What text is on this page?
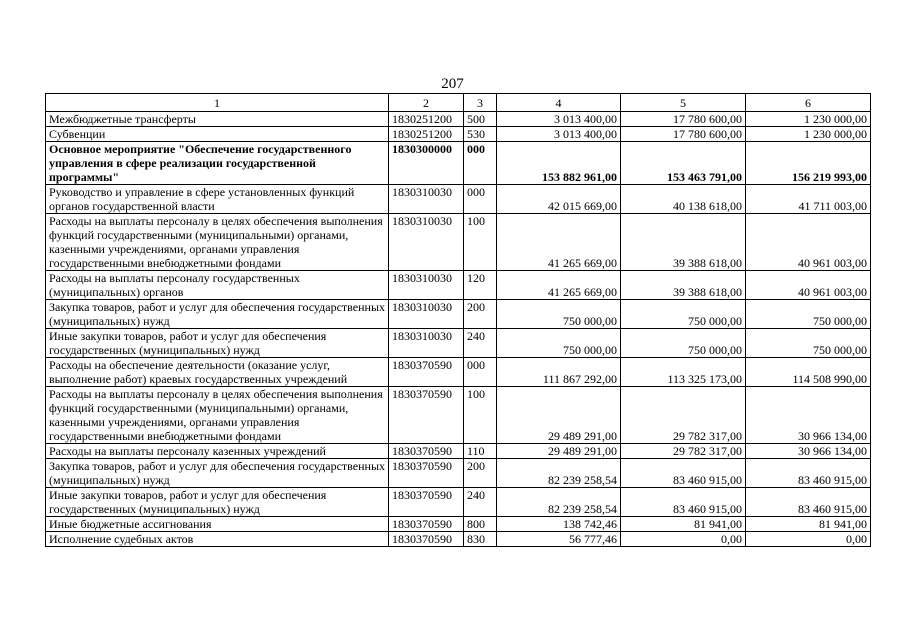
207
1	2	3	4	5	6
Межбюджетные трансферты	1830251200	500	3 013 400,00	17 780 600,00	1 230 000,00
Субвенции	1830251200	530	3 013 400,00	17 780 600,00	1 230 000,00
Основное мероприятие "Обеспечение государственного управления в сфере реализации государственной программы"	1830300000	000	153 882 961,00	153 463 791,00	156 219 993,00
Руководство и управление в сфере установленных функций органов государственной власти	1830310030	000	42 015 669,00	40 138 618,00	41 711 003,00
Расходы на выплаты персоналу в целях обеспечения выполнения функций государственными (муниципальными) органами, казенными учреждениями, органами управления государственными внебюджетными фондами	1830310030	100	41 265 669,00	39 388 618,00	40 961 003,00
Расходы на выплаты персоналу государственных (муниципальных) органов	1830310030	120	41 265 669,00	39 388 618,00	40 961 003,00
Закупка товаров, работ и услуг для обеспечения государственных (муниципальных) нужд	1830310030	200	750 000,00	750 000,00	750 000,00
Иные закупки товаров, работ и услуг для обеспечения государственных (муниципальных) нужд	1830310030	240	750 000,00	750 000,00	750 000,00
Расходы на обеспечение деятельности (оказание услуг, выполнение работ) краевых государственных учреждений	1830370590	000	111 867 292,00	113 325 173,00	114 508 990,00
Расходы на выплаты персоналу в целях обеспечения выполнения функций государственными (муниципальными) органами, казенными учреждениями, органами управления государственными внебюджетными фондами	1830370590	100	29 489 291,00	29 782 317,00	30 966 134,00
Расходы на выплаты персоналу казенных учреждений	1830370590	110	29 489 291,00	29 782 317,00	30 966 134,00
Закупка товаров, работ и услуг для обеспечения государственных (муниципальных) нужд	1830370590	200	82 239 258,54	83 460 915,00	83 460 915,00
Иные закупки товаров, работ и услуг для обеспечения государственных (муниципальных) нужд	1830370590	240	82 239 258,54	83 460 915,00	83 460 915,00
Иные бюджетные ассигнования	1830370590	800	138 742,46	81 941,00	81 941,00
Исполнение судебных актов	1830370590	830	56 777,46	0,00	0,00
